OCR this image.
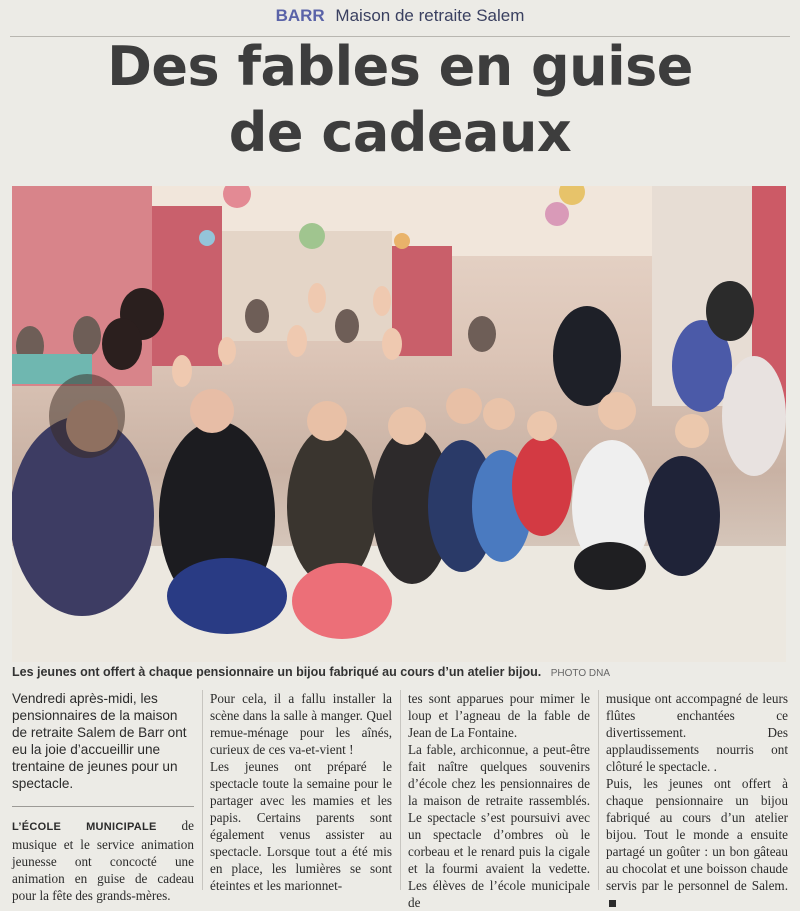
BARR Maison de retraite Salem
Des fables en guise
de cadeaux
Les jeunes ont offert à chaque pensionnaire un bijou fabriqué au cours d’un atelier bijou. PHOTO DNA

Vendredi après-midi, les pensionnaires de la maison de retraite Salem de Barr ont eu la joie d’accueillir une trentaine de jeunes pour un spectacle.

L’ÉCOLE MUNICIPALE de musique et le service animation jeunesse ont concocté une animation en guise de cadeau pour la fête des grands-mères.

Pour cela, il a fallu installer la scène dans la salle à manger. Quel remue-ménage pour les aînés, curieux de ces va-et-vient !

Les jeunes ont préparé le spectacle toute la semaine pour le partager avec les mamies et les papis. Certains parents sont également venus assister au spectacle. Lorsque tout a été mis en place, les lumières se sont éteintes et les marionnet-

tes sont apparues pour mimer le loup et l’agneau de la fable de Jean de La Fontaine.

La fable, archiconnue, a peut-être fait naître quelques souvenirs d’école chez les pensionnaires de la maison de retraite rassemblés. Le spectacle s’est poursuivi avec un spectacle d’ombres où le corbeau et le renard puis la cigale et la fourmi avaient la vedette. Les élèves de l’école municipale de

musique ont accompagné de leurs flûtes enchantées ce divertissement. Des applaudissements nourris ont clôturé le spectacle. .

Puis, les jeunes ont offert à chaque pensionnaire un bijou fabriqué au cours d’un atelier bijou. Tout le monde a ensuite partagé un goûter : un bon gâteau au chocolat et une boisson chaude servis par le personnel de Salem.
